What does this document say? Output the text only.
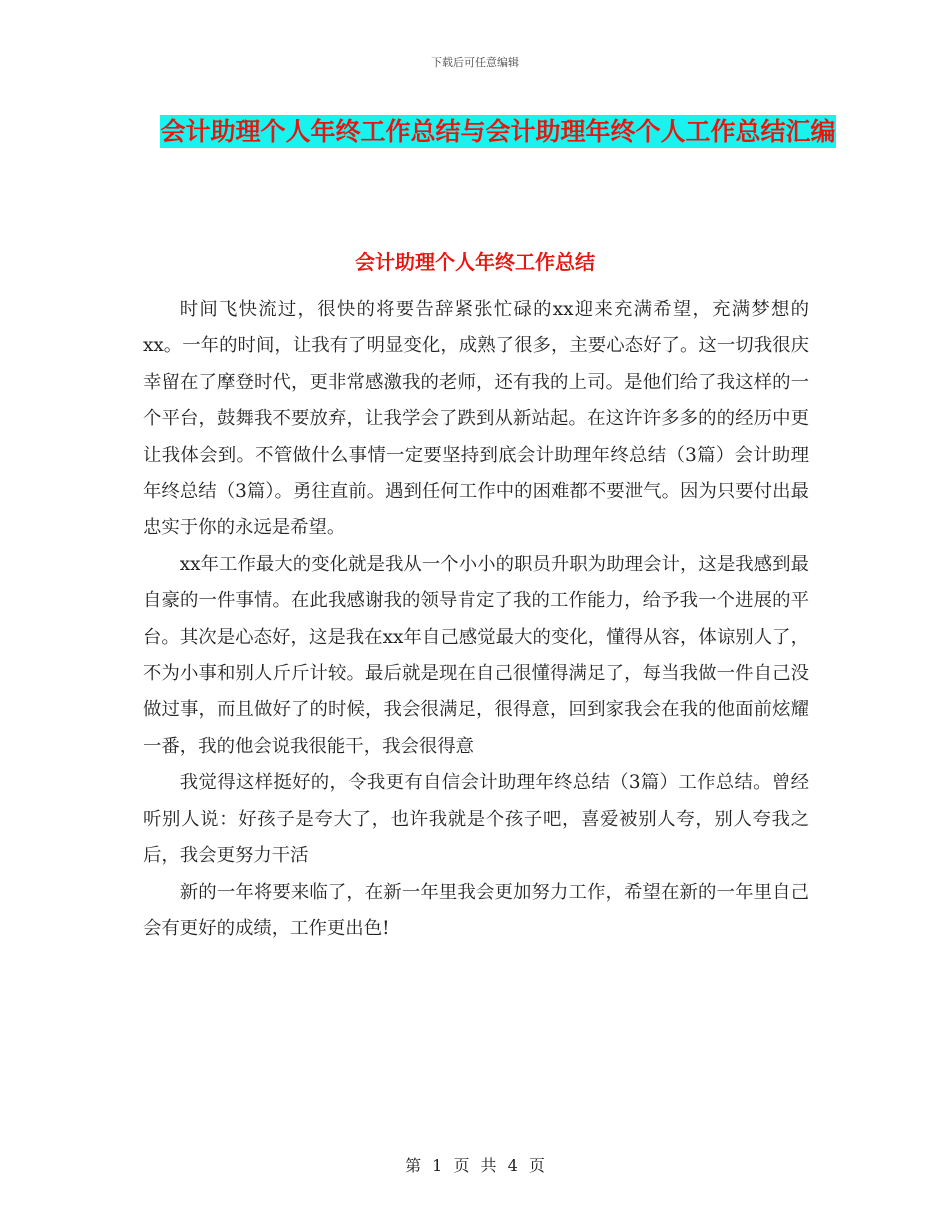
下载后可任意编辑
会计助理个人年终工作总结与会计助理年终个人工作总结汇编
会计助理个人年终工作总结

时间飞快流过，很快的将要告辞紧张忙碌的xx迎来充满希望，充满梦想的xx。一年的时间，让我有了明显变化，成熟了很多，主要心态好了。这一切我很庆幸留在了摩登时代，更非常感激我的老师，还有我的上司。是他们给了我这样的一个平台，鼓舞我不要放弃，让我学会了跌到从新站起。在这许许多多的的经历中更让我体会到。不管做什么事情一定要坚持到底会计助理年终总结（3篇）会计助理年终总结（3篇）。勇往直前。遇到任何工作中的困难都不要泄气。因为只要付出最忠实于你的永远是希望。

xx年工作最大的变化就是我从一个小小的职员升职为助理会计，这是我感到最自豪的一件事情。在此我感谢我的领导肯定了我的工作能力，给予我一个进展的平台。其次是心态好，这是我在xx年自己感觉最大的变化，懂得从容，体谅别人了，不为小事和别人斤斤计较。最后就是现在自己很懂得满足了，每当我做一件自己没做过事，而且做好了的时候，我会很满足，很得意，回到家我会在我的他面前炫耀一番，我的他会说我很能干，我会很得意

我觉得这样挺好的，令我更有自信会计助理年终总结（3篇）工作总结。曾经听别人说：好孩子是夸大了，也许我就是个孩子吧，喜爱被别人夸，别人夸我之后，我会更努力干活

新的一年将要来临了，在新一年里我会更加努力工作，希望在新的一年里自己会有更好的成绩，工作更出色!

第 1 页 共 4 页
